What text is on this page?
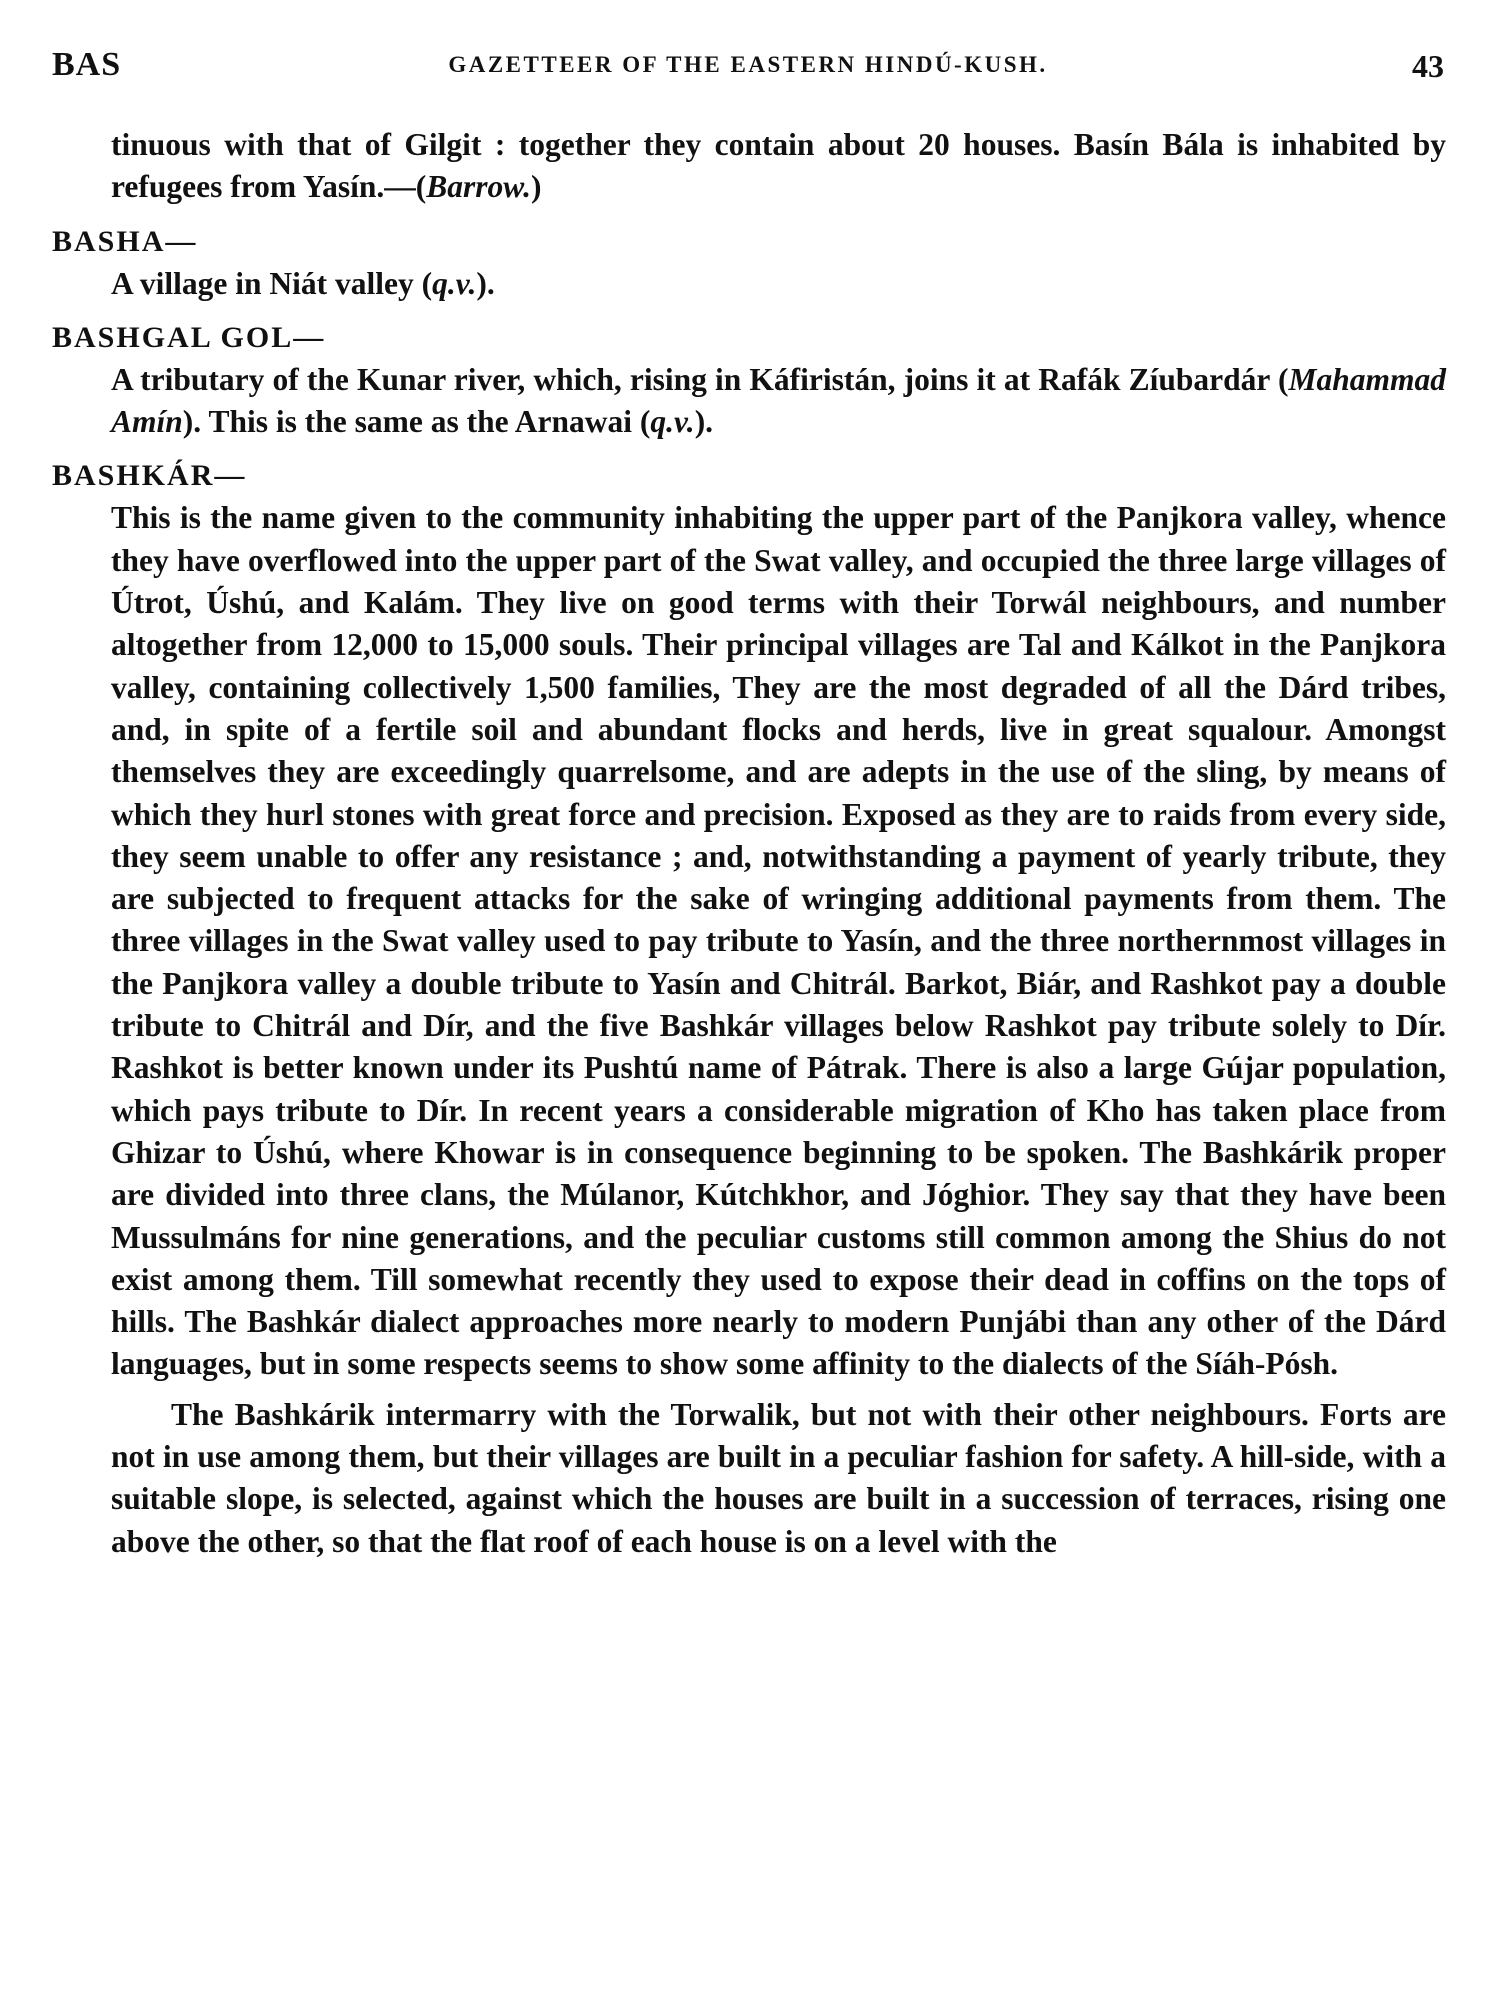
BAS	GAZETTEER OF THE EASTERN HINDÚ-KUSH.	43

tinuous with that of Gilgit : together they contain about 20 houses. Basín Bála is inhabited by refugees from Yasín.—(Barrow.)

BASHA—

A village in Niát valley (q.v.).

BASHGAL GOL—

A tributary of the Kunar river, which, rising in Káfiristán, joins it at Rafák Zíubardár (Mahammad Amín). This is the same as the Arnawai (q.v.).

BASHKÁR—

This is the name given to the community inhabiting the upper part of the Panjkora valley, whence they have overflowed into the upper part of the Swat valley, and occupied the three large villages of Útrot, Úshú, and Kalám. They live on good terms with their Torwál neighbours, and number altogether from 12,000 to 15,000 souls. Their principal villages are Tal and Kálkot in the Panjkora valley, containing collectively 1,500 families, They are the most degraded of all the Dárd tribes, and, in spite of a fertile soil and abundant flocks and herds, live in great squalour. Amongst themselves they are exceedingly quarrelsome, and are adepts in the use of the sling, by means of which they hurl stones with great force and precision. Exposed as they are to raids from every side, they seem unable to offer any resistance ; and, notwithstanding a payment of yearly tribute, they are subjected to frequent attacks for the sake of wringing additional payments from them. The three villages in the Swat valley used to pay tribute to Yasín, and the three northernmost villages in the Panjkora valley a double tribute to Yasín and Chitrál. Barkot, Biár, and Rashkot pay a double tribute to Chitrál and Dír, and the five Bashkár villages below Rashkot pay tribute solely to Dír. Rashkot is better known under its Pushtú name of Pátrak. There is also a large Gújar population, which pays tribute to Dír. In recent years a considerable migration of Kho has taken place from Ghizar to Úshú, where Khowar is in consequence beginning to be spoken. The Bashkárik proper are divided into three clans, the Múlanor, Kútchkhor, and Jóghior. They say that they have been Mussulmáns for nine generations, and the peculiar customs still common among the Shius do not exist among them. Till somewhat recently they used to expose their dead in coffins on the tops of hills. The Bashkár dialect approaches more nearly to modern Punjábi than any other of the Dárd languages, but in some respects seems to show some affinity to the dialects of the Síáh-Pósh.

The Bashkárik intermarry with the Torwalik, but not with their other neighbours. Forts are not in use among them, but their villages are built in a peculiar fashion for safety. A hill-side, with a suitable slope, is selected, against which the houses are built in a succession of terraces, rising one above the other, so that the flat roof of each house is on a level with the
